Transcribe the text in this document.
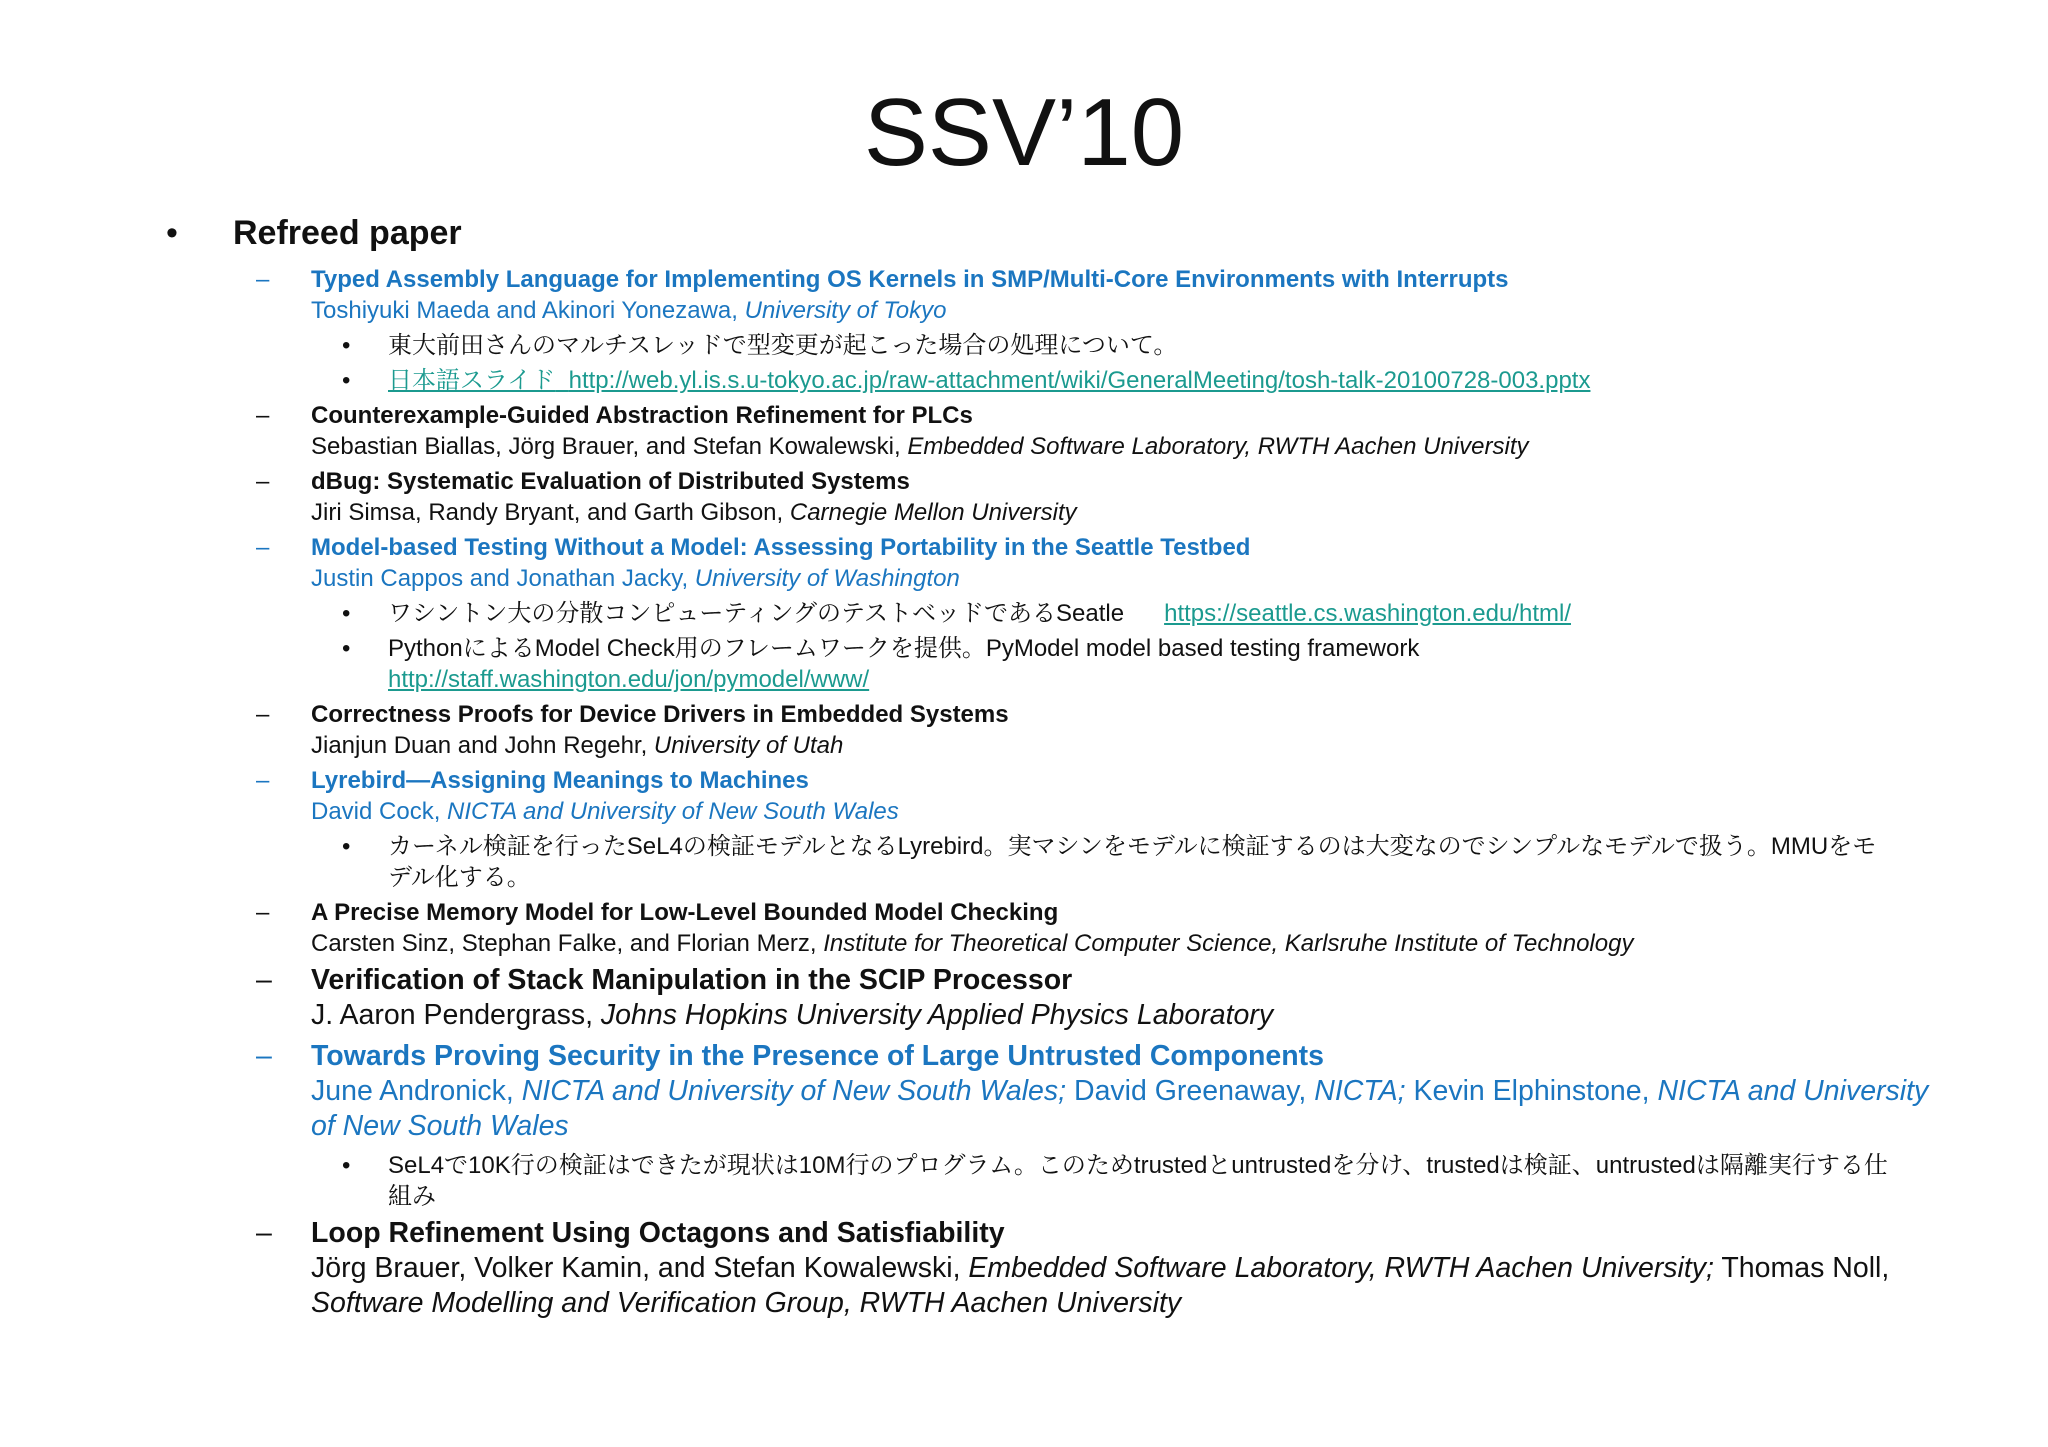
SSV’10
• Refreed paper
– Typed Assembly Language for Implementing OS Kernels in SMP/Multi-Core Environments with Interrupts
Toshiyuki Maeda and Akinori Yonezawa, University of Tokyo
• 東大前田さんのマルチスレッドで型変更が起こった場合の処理について。
• 日本語スライド http://web.yl.is.s.u-tokyo.ac.jp/raw-attachment/wiki/GeneralMeeting/tosh-talk-20100728-003.pptx
– Counterexample-Guided Abstraction Refinement for PLCs
Sebastian Biallas, Jörg Brauer, and Stefan Kowalewski, Embedded Software Laboratory, RWTH Aachen University
– dBug: Systematic Evaluation of Distributed Systems
Jiri Simsa, Randy Bryant, and Garth Gibson, Carnegie Mellon University
– Model-based Testing Without a Model: Assessing Portability in the Seattle Testbed
Justin Cappos and Jonathan Jacky, University of Washington
• ワシントン大の分散コンピューティングのテストベッドであるSeatle https://seattle.cs.washington.edu/html/
• PythonによるModel Check用のフレームワークを提供。PyModel model based testing framework
http://staff.washington.edu/jon/pymodel/www/
– Correctness Proofs for Device Drivers in Embedded Systems
Jianjun Duan and John Regehr, University of Utah
– Lyrebird—Assigning Meanings to Machines
David Cock, NICTA and University of New South Wales
• カーネル検証を行ったSeL4の検証モデルとなるLyrebird。実マシンをモデルに検証するのは大変なのでシンプルなモデルで扱う。MMUをモデル化する。
– A Precise Memory Model for Low-Level Bounded Model Checking
Carsten Sinz, Stephan Falke, and Florian Merz, Institute for Theoretical Computer Science, Karlsruhe Institute of Technology
– Verification of Stack Manipulation in the SCIP Processor
J. Aaron Pendergrass, Johns Hopkins University Applied Physics Laboratory
– Towards Proving Security in the Presence of Large Untrusted Components
June Andronick, NICTA and University of New South Wales; David Greenaway, NICTA; Kevin Elphinstone, NICTA and University of New South Wales
• SeL4で10K行の検証はできたが現状は10M行のプログラム。このためtrustedとuntrustedを分け、trustedは検証、untrustedは隔離実行する仕組み
– Loop Refinement Using Octagons and Satisfiability
Jörg Brauer, Volker Kamin, and Stefan Kowalewski, Embedded Software Laboratory, RWTH Aachen University; Thomas Noll, Software Modelling and Verification Group, RWTH Aachen University
